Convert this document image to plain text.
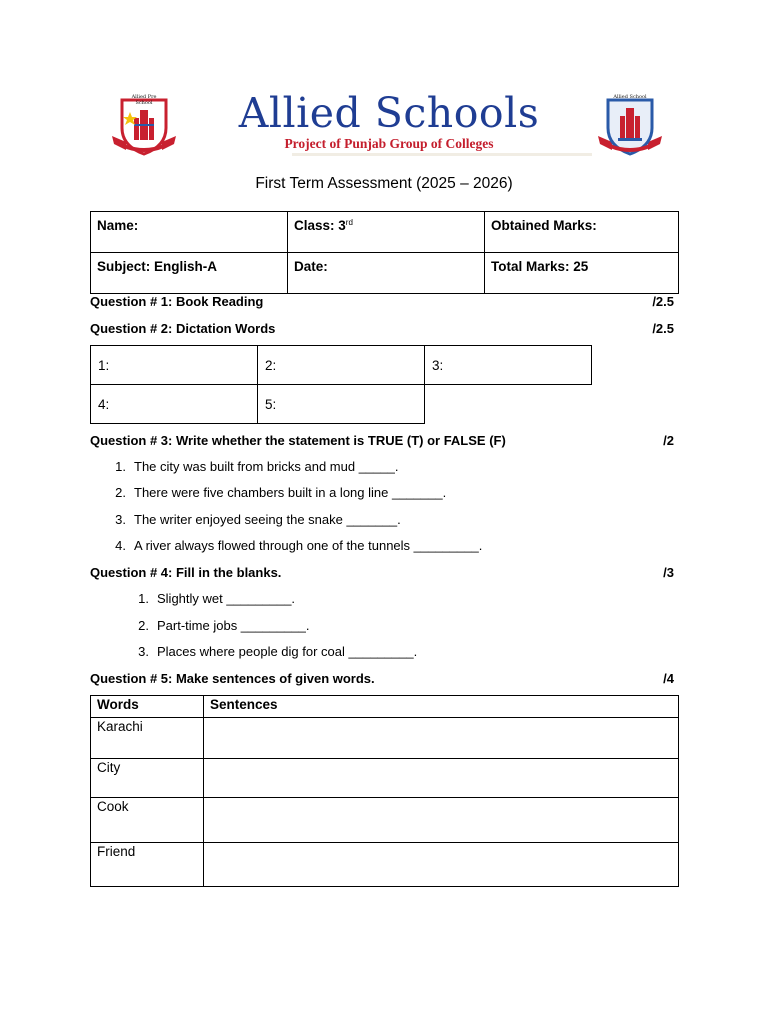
Allied Pre School	Allied Schools
Project of Punjab Group of Colleges
Allied School
First Term Assessment (2025 – 2026)
Name:	Class: 3rd	Obtained Marks:
Subject: English-A	Date:	Total Marks: 25
Question # 1: Book Reading	/2.5
Question # 2: Dictation Words	/2.5
1:	2:	3:
4:	5:	
Question # 3: Write whether the statement is TRUE (T) or FALSE (F)	/2
1. The city was built from bricks and mud _____.
2. There were five chambers built in a long line _______.
3. The writer enjoyed seeing the snake _______.
4. A river always flowed through one of the tunnels _________.
Question # 4: Fill in the blanks.	/3
1. Slightly wet _________.
2. Part-time jobs _________.
3. Places where people dig for coal _________.
Question # 5: Make sentences of given words.	/4
Words	Sentences
Karachi	
City	
Cook	
Friend	
